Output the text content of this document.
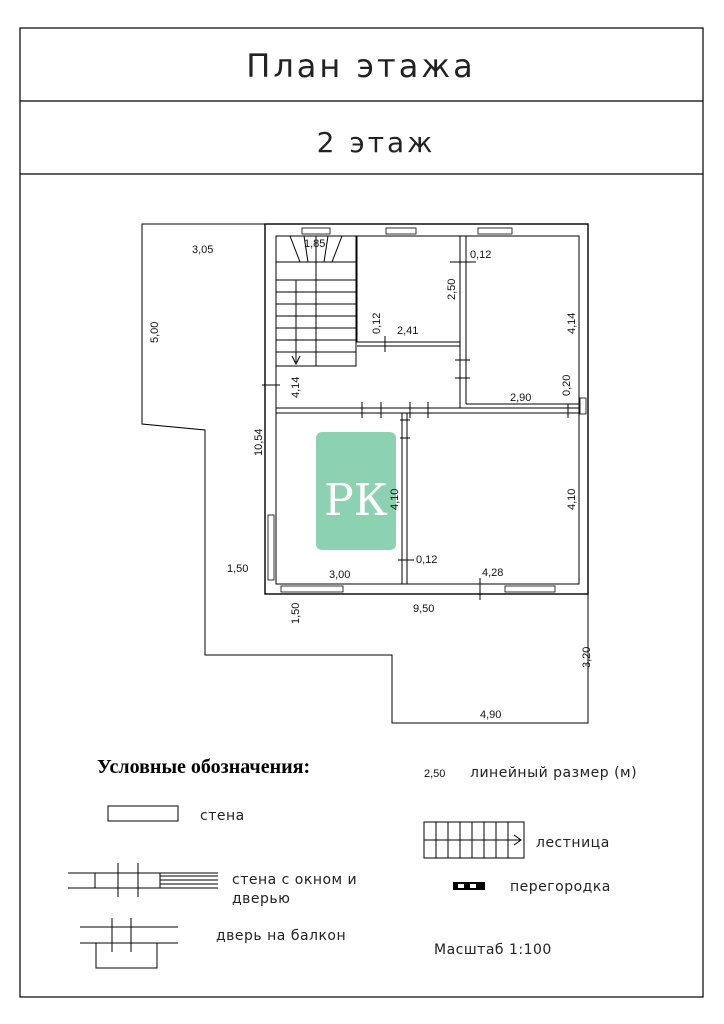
План этажа
2 этаж
РК
3,05
5,00
1,85
0,12
2,50
4,14
0,12 2,41
4,14	0,20
2,90
10,54
4,10	4,10
0,12
1,50	3,00	4,28
9,50
1,50
3,20
4,90
Условные обозначения:	2,50 линейный размер (м)
стена
лестница
стена с окном и
дверью
перегородка
дверь на балкон
Масштаб 1:100
